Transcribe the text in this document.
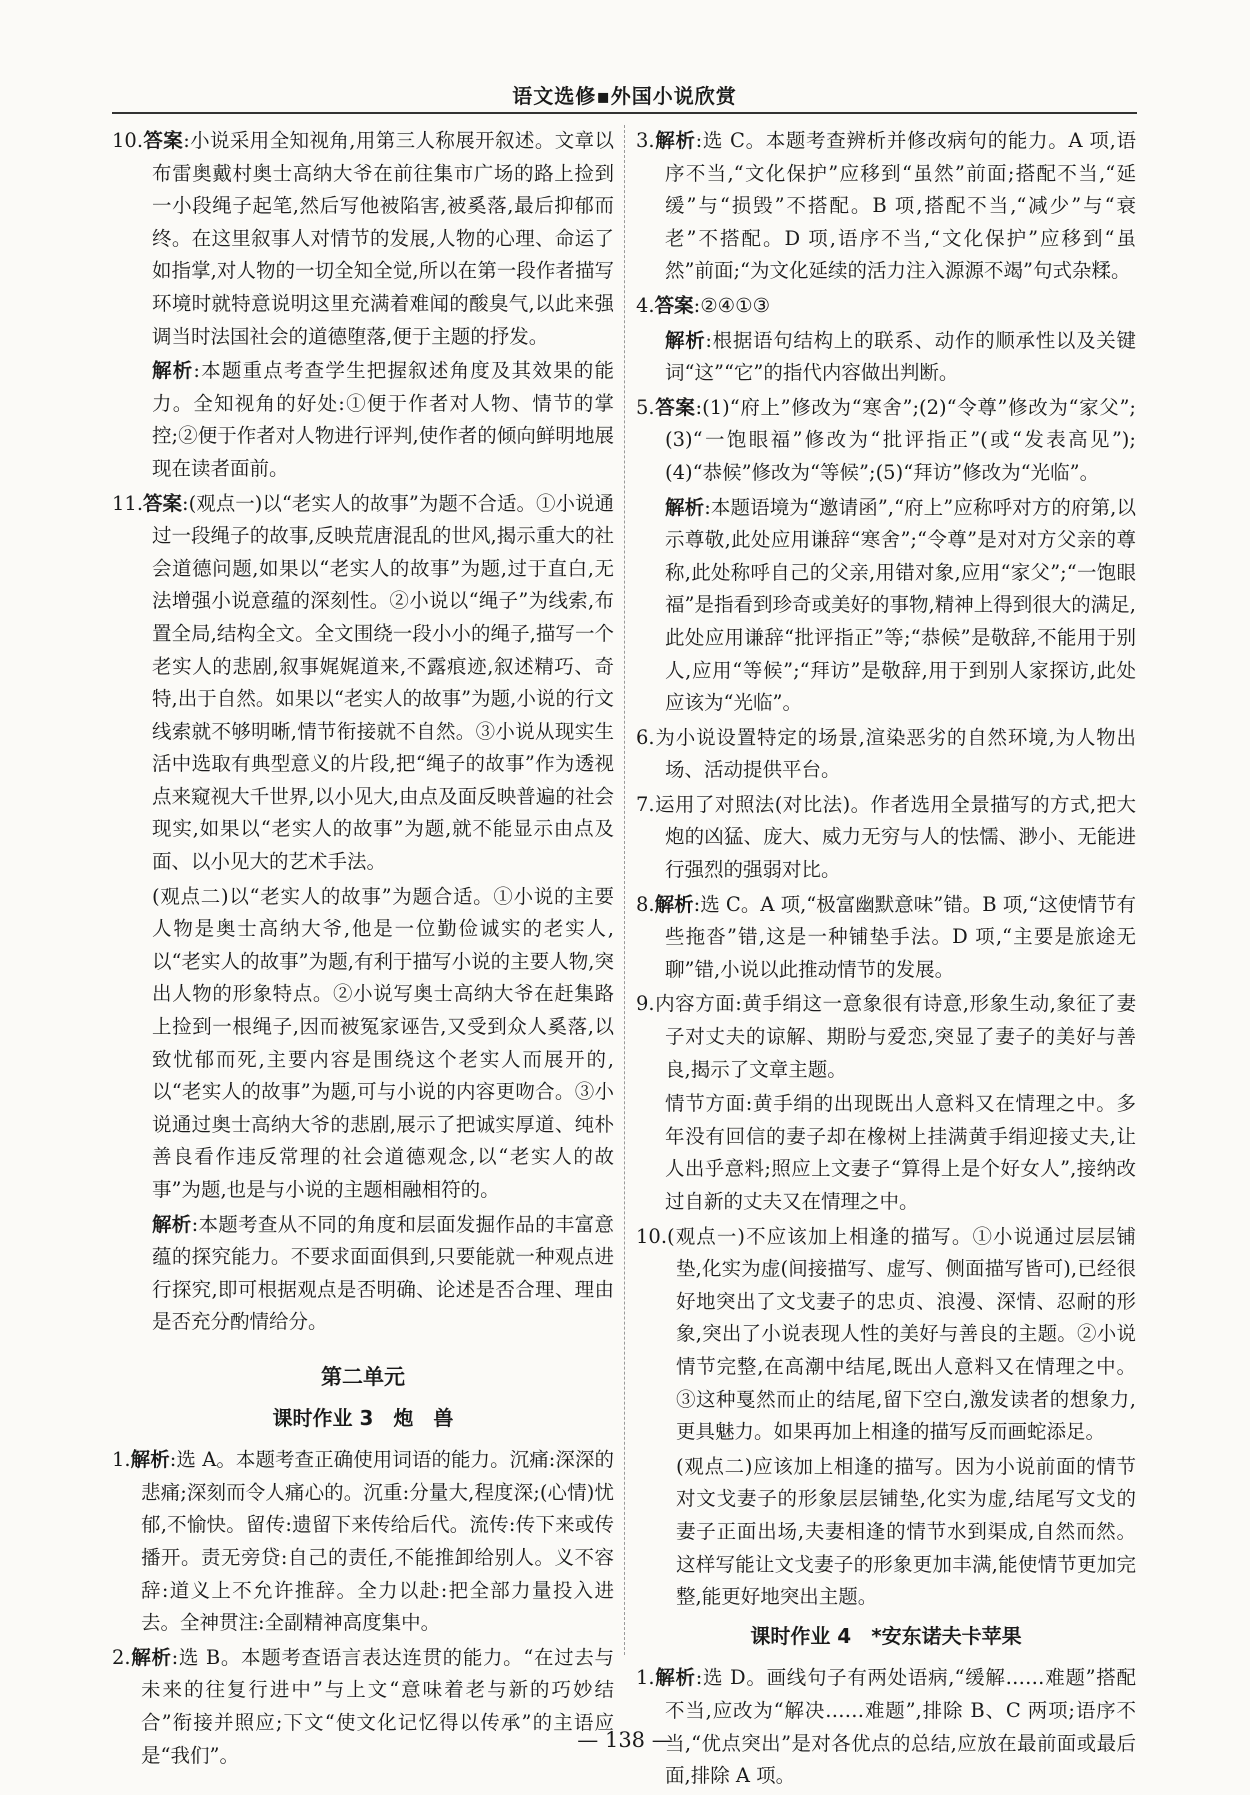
语文选修▪外国小说欣赏

10.答案:小说采用全知视角,用第三人称展开叙述。文章以布雷奥戴村奥士高纳大爷在前往集市广场的路上捡到一小段绳子起笔,然后写他被陷害,被奚落,最后抑郁而终。在这里叙事人对情节的发展,人物的心理、命运了如指掌,对人物的一切全知全觉,所以在第一段作者描写环境时就特意说明这里充满着难闻的酸臭气,以此来强调当时法国社会的道德堕落,便于主题的抒发。

解析:本题重点考查学生把握叙述角度及其效果的能力。全知视角的好处:①便于作者对人物、情节的掌控;②便于作者对人物进行评判,使作者的倾向鲜明地展现在读者面前。

11.答案:(观点一)以“老实人的故事”为题不合适。①小说通过一段绳子的故事,反映荒唐混乱的世风,揭示重大的社会道德问题,如果以“老实人的故事”为题,过于直白,无法增强小说意蕴的深刻性。②小说以“绳子”为线索,布置全局,结构全文。全文围绕一段小小的绳子,描写一个老实人的悲剧,叙事娓娓道来,不露痕迹,叙述精巧、奇特,出于自然。如果以“老实人的故事”为题,小说的行文线索就不够明晰,情节衔接就不自然。③小说从现实生活中选取有典型意义的片段,把“绳子的故事”作为透视点来窥视大千世界,以小见大,由点及面反映普遍的社会现实,如果以“老实人的故事”为题,就不能显示由点及面、以小见大的艺术手法。

(观点二)以“老实人的故事”为题合适。①小说的主要人物是奥士高纳大爷,他是一位勤俭诚实的老实人,以“老实人的故事”为题,有利于描写小说的主要人物,突出人物的形象特点。②小说写奥士高纳大爷在赶集路上捡到一根绳子,因而被冤家诬告,又受到众人奚落,以致忧郁而死,主要内容是围绕这个老实人而展开的,以“老实人的故事”为题,可与小说的内容更吻合。③小说通过奥士高纳大爷的悲剧,展示了把诚实厚道、纯朴善良看作违反常理的社会道德观念,以“老实人的故事”为题,也是与小说的主题相融相符的。

解析:本题考查从不同的角度和层面发掘作品的丰富意蕴的探究能力。不要求面面俱到,只要能就一种观点进行探究,即可根据观点是否明确、论述是否合理、理由是否充分酌情给分。

第二单元
课时作业 3　炮　兽

1.解析:选 A。本题考查正确使用词语的能力。沉痛:深深的悲痛;深刻而令人痛心的。沉重:分量大,程度深;(心情)忧郁,不愉快。留传:遗留下来传给后代。流传:传下来或传播开。责无旁贷:自己的责任,不能推卸给别人。义不容辞:道义上不允许推辞。全力以赴:把全部力量投入进去。全神贯注:全副精神高度集中。

2.解析:选 B。本题考查语言表达连贯的能力。“在过去与未来的往复行进中”与上文“意味着老与新的巧妙结合”衔接并照应;下文“使文化记忆得以传承”的主语应是“我们”。

3.解析:选 C。本题考查辨析并修改病句的能力。A 项,语序不当,“文化保护”应移到“虽然”前面;搭配不当,“延缓”与“损毁”不搭配。B 项,搭配不当,“减少”与“衰老”不搭配。D 项,语序不当,“文化保护”应移到“虽然”前面;“为文化延续的活力注入源源不竭”句式杂糅。

4.答案:②④①③

解析:根据语句结构上的联系、动作的顺承性以及关键词“这”“它”的指代内容做出判断。

5.答案:(1)“府上”修改为“寒舍”;(2)“令尊”修改为“家父”;(3)“一饱眼福”修改为“批评指正”(或“发表高见”);(4)“恭候”修改为“等候”;(5)“拜访”修改为“光临”。

解析:本题语境为“邀请函”,“府上”应称呼对方的府第,以示尊敬,此处应用谦辞“寒舍”;“令尊”是对对方父亲的尊称,此处称呼自己的父亲,用错对象,应用“家父”;“一饱眼福”是指看到珍奇或美好的事物,精神上得到很大的满足,此处应用谦辞“批评指正”等;“恭候”是敬辞,不能用于别人,应用“等候”;“拜访”是敬辞,用于到别人家探访,此处应该为“光临”。

6.为小说设置特定的场景,渲染恶劣的自然环境,为人物出场、活动提供平台。

7.运用了对照法(对比法)。作者选用全景描写的方式,把大炮的凶猛、庞大、威力无穷与人的怯懦、渺小、无能进行强烈的强弱对比。

8.解析:选 C。A 项,“极富幽默意味”错。B 项,“这使情节有些拖沓”错,这是一种铺垫手法。D 项,“主要是旅途无聊”错,小说以此推动情节的发展。

9.内容方面:黄手绢这一意象很有诗意,形象生动,象征了妻子对丈夫的谅解、期盼与爱恋,突显了妻子的美好与善良,揭示了文章主题。

情节方面:黄手绢的出现既出人意料又在情理之中。多年没有回信的妻子却在橡树上挂满黄手绢迎接丈夫,让人出乎意料;照应上文妻子“算得上是个好女人”,接纳改过自新的丈夫又在情理之中。

10.(观点一)不应该加上相逢的描写。①小说通过层层铺垫,化实为虚(间接描写、虚写、侧面描写皆可),已经很好地突出了文戈妻子的忠贞、浪漫、深情、忍耐的形象,突出了小说表现人性的美好与善良的主题。②小说情节完整,在高潮中结尾,既出人意料又在情理之中。③这种戛然而止的结尾,留下空白,激发读者的想象力,更具魅力。如果再加上相逢的描写反而画蛇添足。

(观点二)应该加上相逢的描写。因为小说前面的情节对文戈妻子的形象层层铺垫,化实为虚,结尾写文戈的妻子正面出场,夫妻相逢的情节水到渠成,自然而然。这样写能让文戈妻子的形象更加丰满,能使情节更加完整,能更好地突出主题。

课时作业 4　*安东诺夫卡苹果

1.解析:选 D。画线句子有两处语病,“缓解……难题”搭配不当,应改为“解决……难题”,排除 B、C 两项;语序不当,“优点突出”是对各优点的总结,应放在最前面或最后面,排除 A 项。

— 138 —
